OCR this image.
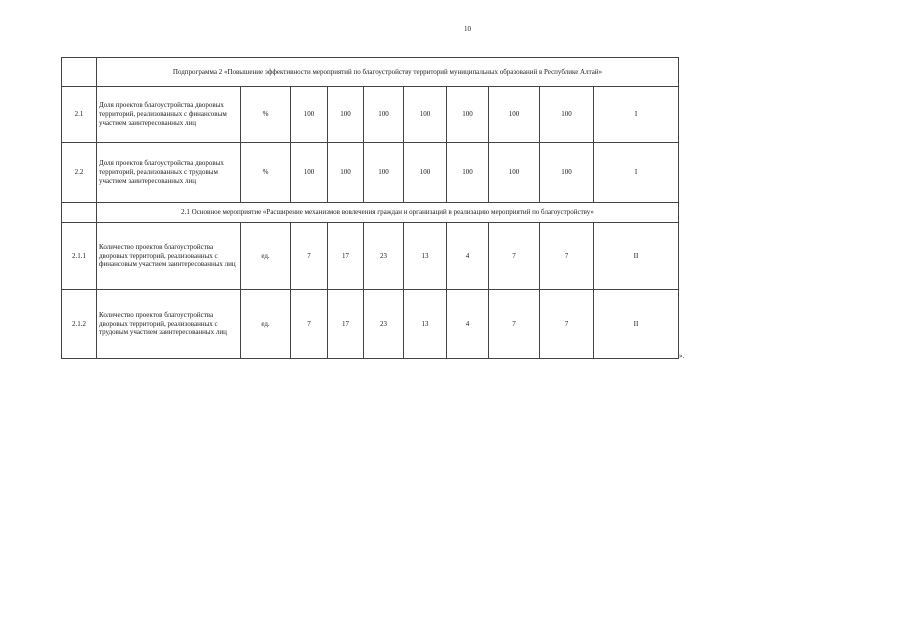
10
	Подпрограмма 2 «Повышение эффективности мероприятий по благоустройству территорий муниципальных образований в Республике Алтай»									
2.1	Доля проектов благоустройства дворовых территорий, реализованных с финансовым участием заинтересованных лиц	%	100	100	100	100	100	100	100	I
2.2	Доля проектов благоустройства дворовых территорий, реализованных с трудовым участием заинтересованных лиц	%	100	100	100	100	100	100	100	I
	2.1 Основное мероприятие «Расширение механизмов вовлечения граждан и организаций в реализацию мероприятий по благоустройству»									
2.1.1	Количество проектов благоустройства дворовых территорий, реализованных с финансовым участием заинтересованных лиц	ед.	7	17	23	13	4	7	7	II
2.1.2	Количество проектов благоустройства дворовых территорий, реализованных с трудовым участием заинтересованных лиц	ед.	7	17	23	13	4	7	7	II
».
